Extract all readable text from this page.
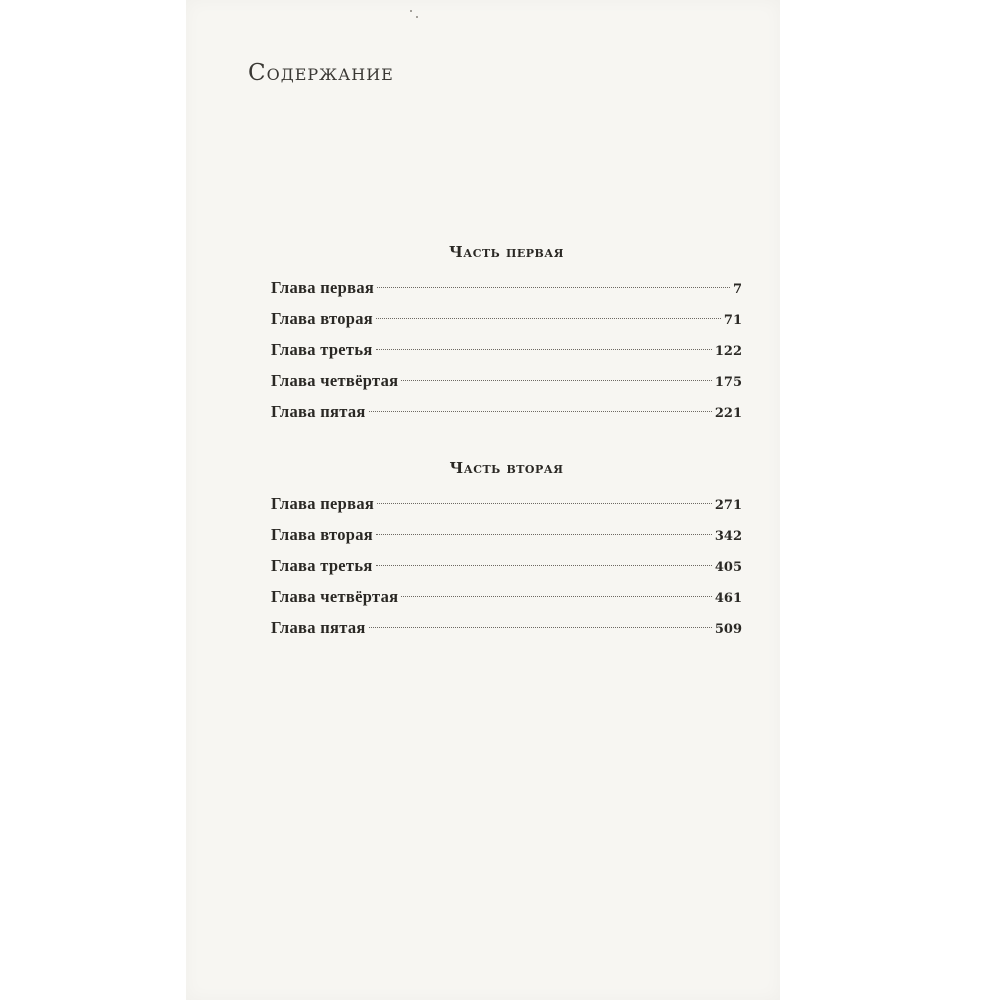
Содержание
Часть первая
Глава первая	7
Глава вторая	71
Глава третья	122
Глава четвёртая	175
Глава пятая	221
Часть вторая
Глава первая	271
Глава вторая	342
Глава третья	405
Глава четвёртая	461
Глава пятая	509
